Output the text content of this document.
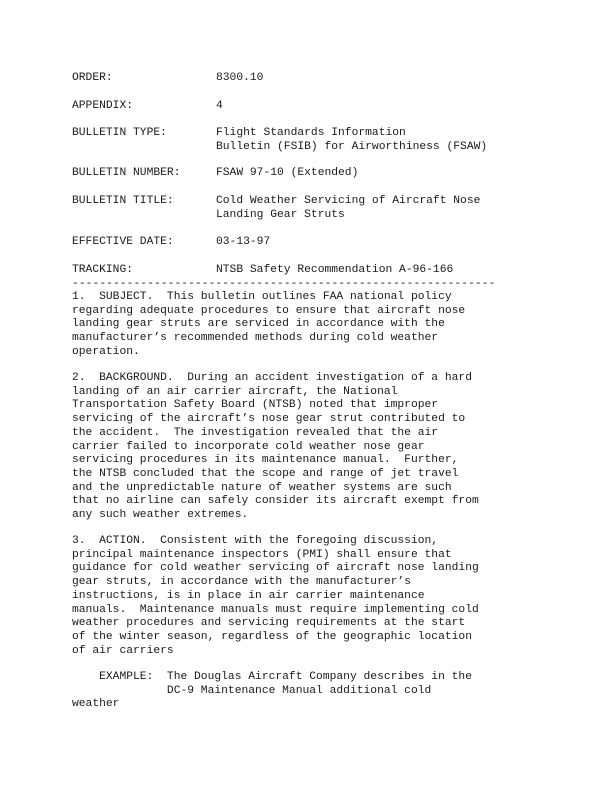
ORDER:	8300.10
APPENDIX:	4
BULLETIN TYPE:	Flight Standards Information
Bulletin (FSIB) for Airworthiness (FSAW)
BULLETIN NUMBER:	FSAW 97-10 (Extended)
BULLETIN TITLE:	Cold Weather Servicing of Aircraft Nose
Landing Gear Struts
EFFECTIVE DATE:	03-13-97
TRACKING:	NTSB Safety Recommendation A-96-166
--------------------------------------------------------------
1.  SUBJECT.  This bulletin outlines FAA national policy
regarding adequate procedures to ensure that aircraft nose
landing gear struts are serviced in accordance with the
manufacturer’s recommended methods during cold weather
operation.
2.  BACKGROUND.  During an accident investigation of a hard
landing of an air carrier aircraft, the National
Transportation Safety Board (NTSB) noted that improper
servicing of the aircraft’s nose gear strut contributed to
the accident.  The investigation revealed that the air
carrier failed to incorporate cold weather nose gear
servicing procedures in its maintenance manual.  Further,
the NTSB concluded that the scope and range of jet travel
and the unpredictable nature of weather systems are such
that no airline can safely consider its aircraft exempt from
any such weather extremes.
3.  ACTION.  Consistent with the foregoing discussion,
principal maintenance inspectors (PMI) shall ensure that
guidance for cold weather servicing of aircraft nose landing
gear struts, in accordance with the manufacturer’s
instructions, is in place in air carrier maintenance
manuals.  Maintenance manuals must require implementing cold
weather procedures and servicing requirements at the start
of the winter season, regardless of the geographic location
of air carriers
EXAMPLE:  The Douglas Aircraft Company describes in the
DC-9 Maintenance Manual additional cold
weather
